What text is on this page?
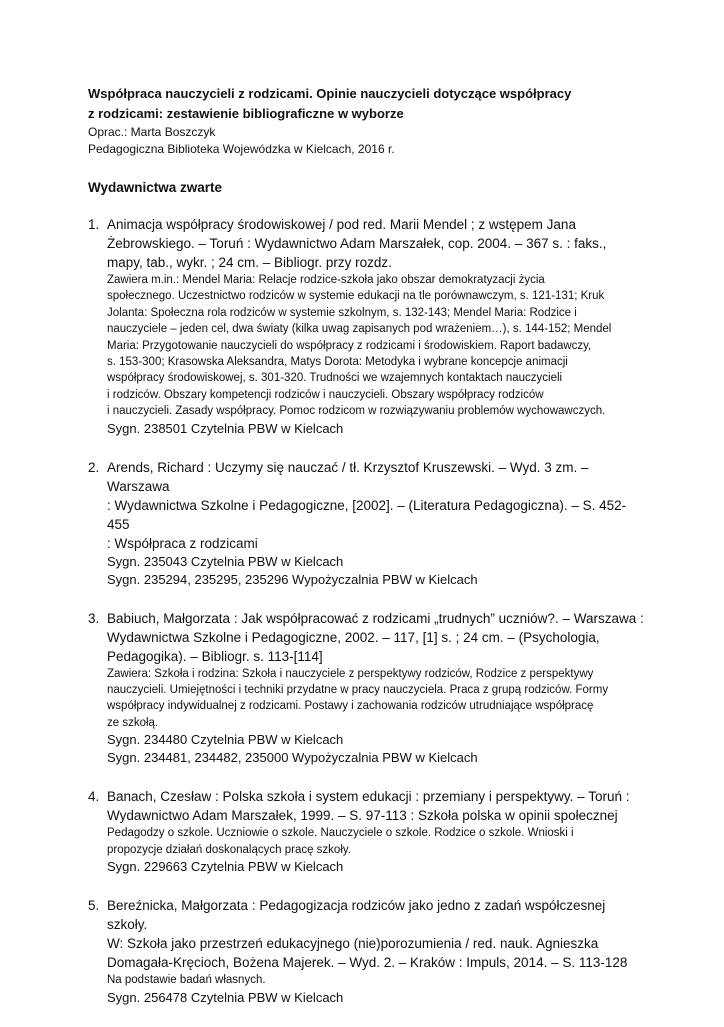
Współpraca nauczycieli z rodzicami. Opinie nauczycieli dotyczące współpracy
z rodzicami: zestawienie bibliograficzne w wyborze
Oprac.: Marta Boszczyk
Pedagogiczna Biblioteka Wojewódzka w Kielcach, 2016 r.
Wydawnictwa zwarte
1. Animacja współpracy środowiskowej / pod red. Marii Mendel ; z wstępem Jana
Żebrowskiego. – Toruń : Wydawnictwo Adam Marszałek, cop. 2004. – 367 s. : faks.,
mapy, tab., wykr. ; 24 cm. – Bibliogr. przy rozdz.
Zawiera m.in.: Mendel Maria: Relacje rodzice-szkoła jako obszar demokratyzacji życia
społecznego. Uczestnictwo rodziców w systemie edukacji na tle porównawczym, s. 121-131; Kruk
Jolanta: Społeczna rola rodziców w systemie szkolnym, s. 132-143; Mendel Maria: Rodzice i
nauczyciele – jeden cel, dwa światy (kilka uwag zapisanych pod wrażeniem…), s. 144-152; Mendel
Maria: Przygotowanie nauczycieli do współpracy z rodzicami i środowiskiem. Raport badawczy,
s. 153-300; Krasowska Aleksandra, Matys Dorota: Metodyka i wybrane koncepcje animacji
współpracy środowiskowej, s. 301-320. Trudności we wzajemnych kontaktach nauczycieli
i rodziców. Obszary kompetencji rodziców i nauczycieli. Obszary współpracy rodziców
i nauczycieli. Zasady współpracy. Pomoc rodzicom w rozwiązywaniu problemów wychowawczych.
Sygn. 238501 Czytelnia PBW w Kielcach
2. Arends, Richard : Uczymy się nauczać / tł. Krzysztof Kruszewski. – Wyd. 3 zm. – Warszawa
: Wydawnictwa Szkolne i Pedagogiczne, [2002]. – (Literatura Pedagogiczna). – S. 452-455
: Współpraca z rodzicami
Sygn. 235043 Czytelnia PBW w Kielcach
Sygn. 235294, 235295, 235296 Wypożyczalnia PBW w Kielcach
3. Babiuch, Małgorzata : Jak współpracować z rodzicami „trudnych” uczniów?. – Warszawa :
Wydawnictwa Szkolne i Pedagogiczne, 2002. – 117, [1] s. ; 24 cm. – (Psychologia,
Pedagogika). – Bibliogr. s. 113-[114]
Zawiera: Szkoła i rodzina: Szkoła i nauczyciele z perspektywy rodziców, Rodzice z perspektywy
nauczycieli. Umiejętności i techniki przydatne w pracy nauczyciela. Praca z grupą rodziców. Formy
współpracy indywidualnej z rodzicami. Postawy i zachowania rodziców utrudniające współpracę
ze szkołą.
Sygn. 234480 Czytelnia PBW w Kielcach
Sygn. 234481, 234482, 235000 Wypożyczalnia PBW w Kielcach
4. Banach, Czesław : Polska szkoła i system edukacji : przemiany i perspektywy. – Toruń :
Wydawnictwo Adam Marszałek, 1999. – S. 97-113 : Szkoła polska w opinii społecznej
Pedagodzy o szkole. Uczniowie o szkole. Nauczyciele o szkole. Rodzice o szkole. Wnioski i
propozycje działań doskonalących pracę szkoły.
Sygn. 229663 Czytelnia PBW w Kielcach
5. Bereźnicka, Małgorzata : Pedagogizacja rodziców jako jedno z zadań współczesnej szkoły.
W: Szkoła jako przestrzeń edukacyjnego (nie)porozumienia / red. nauk. Agnieszka
Domagała-Kręcioch, Bożena Majerek. – Wyd. 2. – Kraków : Impuls, 2014. – S. 113-128
Na podstawie badań własnych.
Sygn. 256478 Czytelnia PBW w Kielcach
